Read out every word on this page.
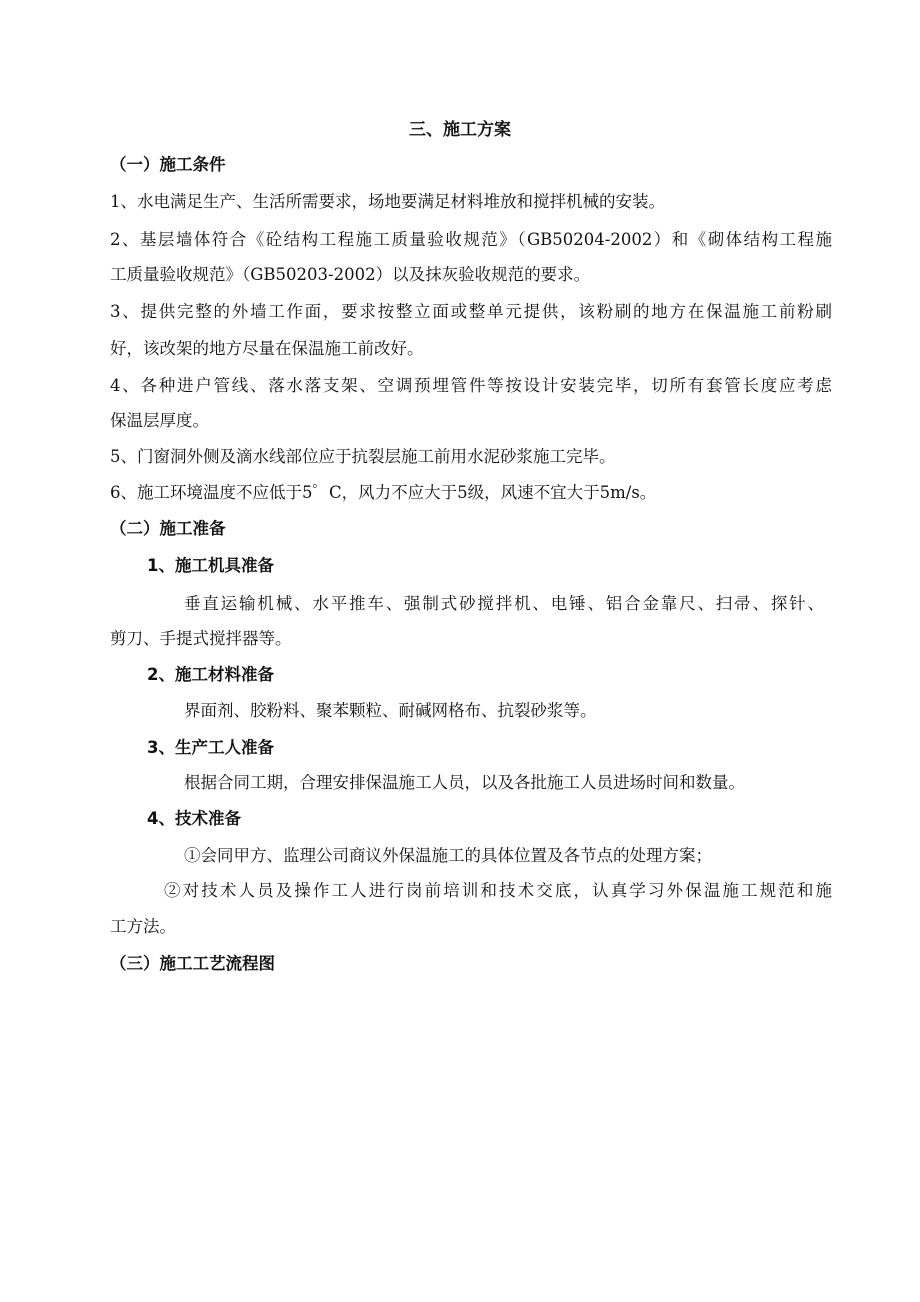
三、施工方案
（一）施工条件
1、水电满足生产、生活所需要求，场地要满足材料堆放和搅拌机械的安装。
2、基层墙体符合《砼结构工程施工质量验收规范》（GB50204-2002）和《砌体结构工程施
工质量验收规范》（GB50203-2002）以及抹灰验收规范的要求。
3、提供完整的外墙工作面，要求按整立面或整单元提供，该粉刷的地方在保温施工前粉刷
好，该改架的地方尽量在保温施工前改好。
4、各种进户管线、落水落支架、空调预埋管件等按设计安装完毕，切所有套管长度应考虑
保温层厚度。
5、门窗洞外侧及滴水线部位应于抗裂层施工前用水泥砂浆施工完毕。
6、施工环境温度不应低于5゜C，风力不应大于5级，风速不宜大于5m/s。
（二）施工准备
1、施工机具准备
垂直运输机械、水平推车、强制式砂搅拌机、电锤、铝合金靠尺、扫帚、探针、
剪刀、手提式搅拌器等。
2、施工材料准备
界面剂、胶粉料、聚苯颗粒、耐碱网格布、抗裂砂浆等。
3、生产工人准备
根据合同工期，合理安排保温施工人员，以及各批施工人员进场时间和数量。
4、技术准备
①会同甲方、监理公司商议外保温施工的具体位置及各节点的处理方案；
②对技术人员及操作工人进行岗前培训和技术交底，认真学习外保温施工规范和施
工方法。
（三）施工工艺流程图
